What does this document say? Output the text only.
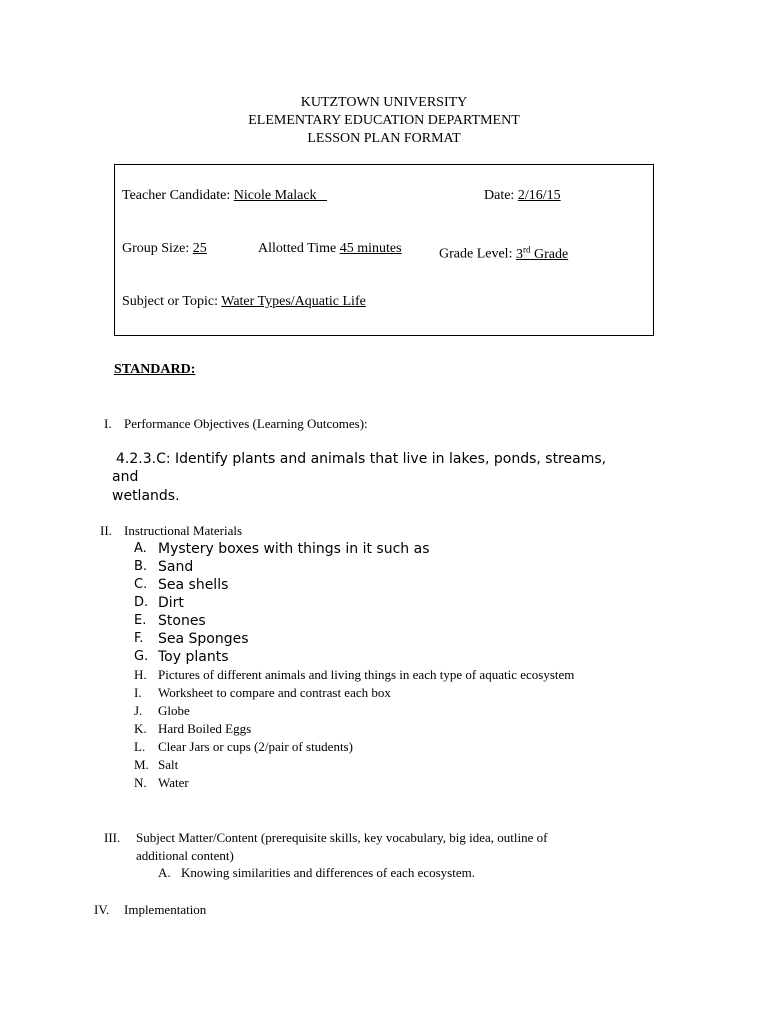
KUTZTOWN UNIVERSITY
ELEMENTARY EDUCATION DEPARTMENT
LESSON PLAN FORMAT
Teacher Candidate: Nicole Malack	Date: 2/16/15
Group Size: 25	Allotted Time 45 minutes	Grade Level: 3rd Grade
Subject or Topic: Water Types/Aquatic Life
STANDARD:
I. Performance Objectives (Learning Outcomes):
4.2.3.C: Identify plants and animals that live in lakes, ponds, streams,
and
wetlands.
II. Instructional Materials
A. Mystery boxes with things in it such as
B. Sand
C. Sea shells
D. Dirt
E. Stones
F. Sea Sponges
G. Toy plants
H. Pictures of different animals and living things in each type of aquatic ecosystem
I. Worksheet to compare and contrast each box
J. Globe
K. Hard Boiled Eggs
L. Clear Jars or cups (2/pair of students)
M. Salt
N. Water
III. Subject Matter/Content (prerequisite skills, key vocabulary, big idea, outline of
additional content)
A. Knowing similarities and differences of each ecosystem.
IV. Implementation
